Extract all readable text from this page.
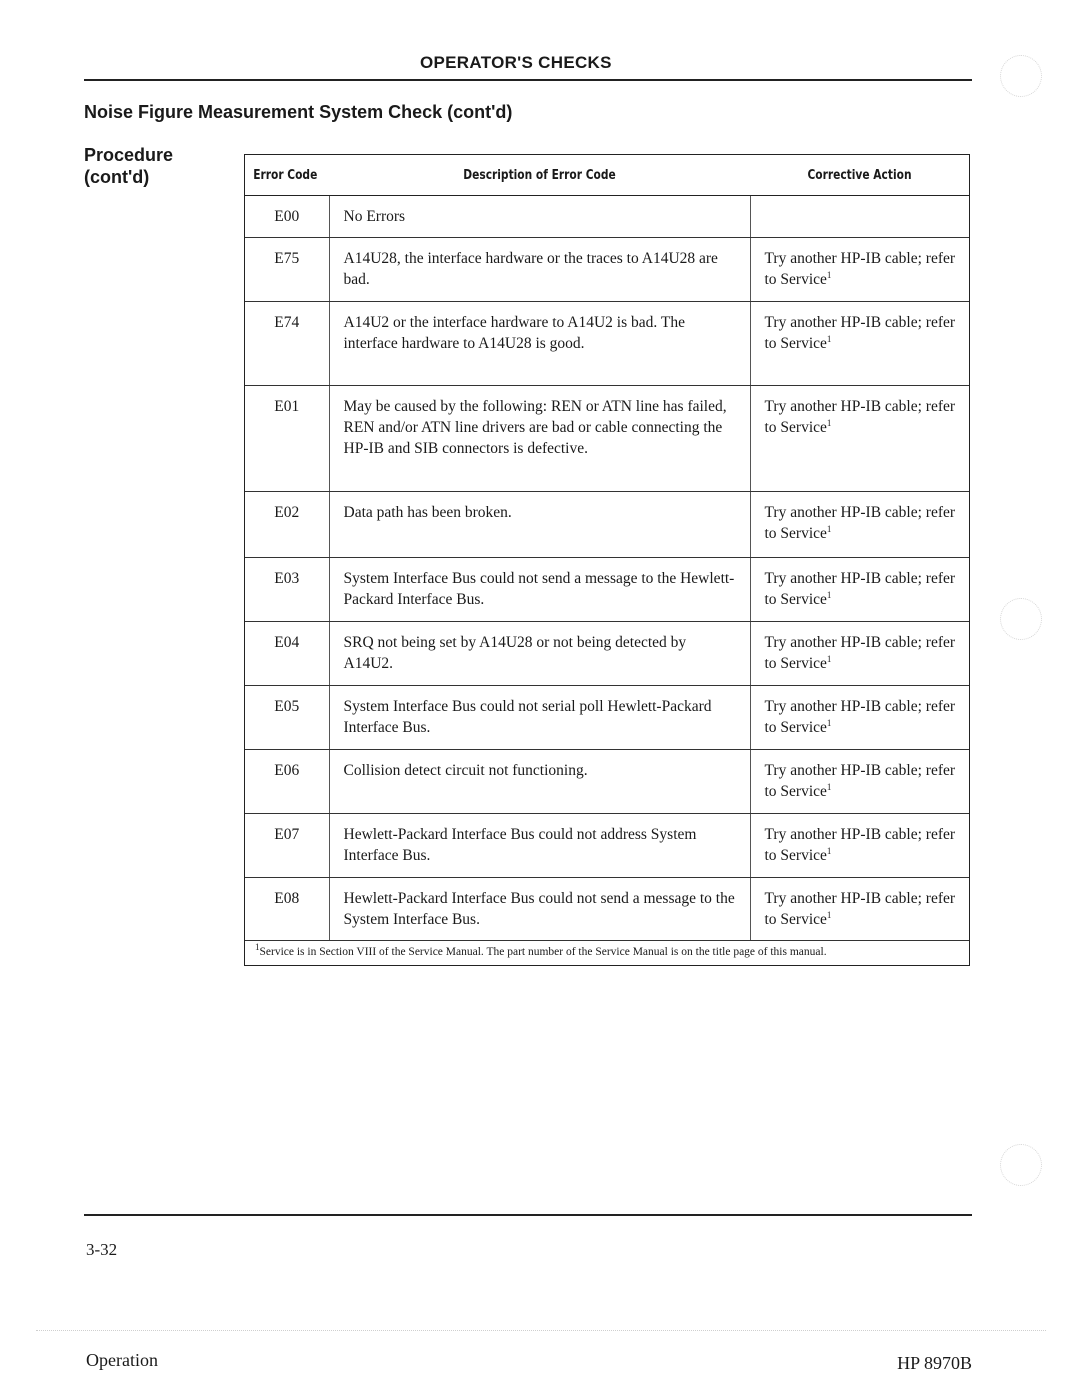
OPERATOR'S CHECKS
Noise Figure Measurement System Check (cont'd)
Procedure
(cont'd)	Error Code	Description of Error Code	Corrective Action
E00	No Errors	
E75	A14U28, the interface hardware or the traces to A14U28 are bad.	Try another HP-IB cable; refer to Service$^1$
E74	A14U2 or the interface hardware to A14U2 is bad. The interface hardware to A14U28 is good.	Try another HP-IB cable; refer to Service$^1$
E01	May be caused by the following: REN or ATN line has failed, REN and/or ATN line drivers are bad or cable connecting the HP-IB and SIB connectors is defective.	Try another HP-IB cable; refer to Service$^1$
E02	Data path has been broken.	Try another HP-IB cable; refer to Service$^1$
E03	System Interface Bus could not send a message to the Hewlett-Packard Interface Bus.	Try another HP-IB cable; refer to Service$^1$
E04	SRQ not being set by A14U28 or not being detected by A14U2.	Try another HP-IB cable; refer to Service$^1$
E05	System Interface Bus could not serial poll Hewlett-Packard Interface Bus.	Try another HP-IB cable; refer to Service$^1$
E06	Collision detect circuit not functioning.	Try another HP-IB cable; refer to Service$^1$
E07	Hewlett-Packard Interface Bus could not address System Interface Bus.	Try another HP-IB cable; refer to Service$^1$
E08	Hewlett-Packard Interface Bus could not send a message to the System Interface Bus.	Try another HP-IB cable; refer to Service$^1$
$^1$Service is in Section VIII of the Service Manual. The part number of the Service Manual is on the title page of this manual.
3-32
Operation	HP 8970B
